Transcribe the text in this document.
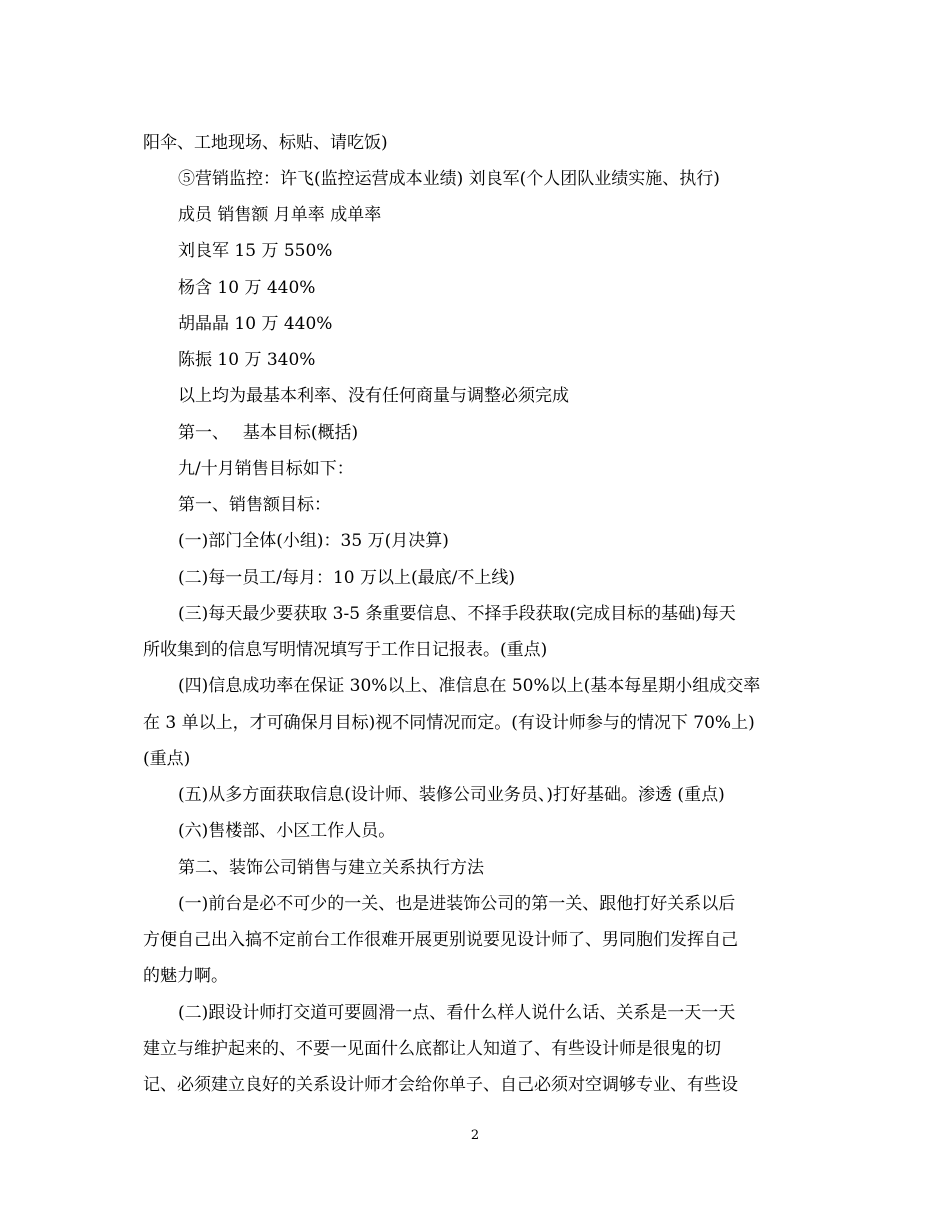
阳伞、工地现场、标贴、请吃饭)
⑤营销监控：许飞(监控运营成本业绩) 刘良军(个人团队业绩实施、执行)
成员 销售额 月单率 成单率
刘良军 15 万 550%
杨含 10 万 440%
胡晶晶 10 万 440%
陈振 10 万 340%
以上均为最基本利率、没有任何商量与调整必须完成
第一、　 基本目标(概括)
九/十月销售目标如下：
第一、销售额目标：
(一)部门全体(小组)：35 万(月决算)
(二)每一员工/每月：10 万以上(最底/不上线)
(三)每天最少要获取 3-5 条重要信息、不择手段获取(完成目标的基础)每天
所收集到的信息写明情况填写于工作日记报表。(重点)
(四)信息成功率在保证 30%以上、准信息在 50%以上(基本每星期小组成交率
在 3 单以上，才可确保月目标)视不同情况而定。(有设计师参与的情况下 70%上)
(重点)
(五)从多方面获取信息(设计师、装修公司业务员、)打好基础。渗透 (重点)
(六)售楼部、小区工作人员。
第二、装饰公司销售与建立关系执行方法
(一)前台是必不可少的一关、也是进装饰公司的第一关、跟他打好关系以后
方便自己出入搞不定前台工作很难开展更别说要见设计师了、男同胞们发挥自己
的魅力啊。
(二)跟设计师打交道可要圆滑一点、看什么样人说什么话、关系是一天一天
建立与维护起来的、不要一见面什么底都让人知道了、有些设计师是很鬼的切
记、必须建立良好的关系设计师才会给你单子、自己必须对空调够专业、有些设
2
